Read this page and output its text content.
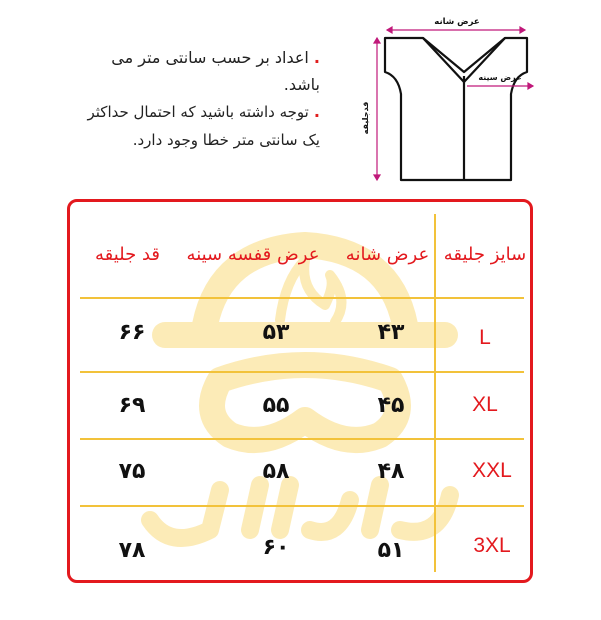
. اعداد بر حسب سانتی متر می باشد.
. توجه داشته باشید که احتمال حداکثر یک سانتی متر خطا وجود دارد.
عرض شانه
عرض سینه
قدجلیقه
سایز جلیقه
عرض شانه
عرض قفسه سینه
قد جلیقه
L
۴۳
۵۳
۶۶
XL
۴۵
۵۵
۶۹
XXL
۴۸
۵۸
۷۵
3XL
۵۱
۶۰
۷۸
